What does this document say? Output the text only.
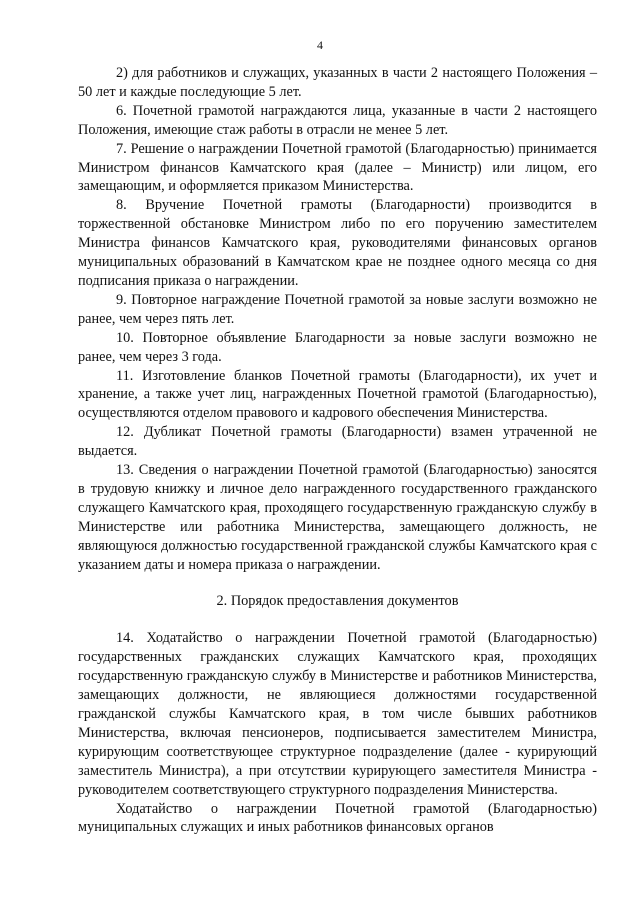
4

2) для работников и служащих, указанных в части 2 настоящего Положения – 50 лет и каждые последующие 5 лет.

6. Почетной грамотой награждаются лица, указанные в части 2 настоящего Положения, имеющие стаж работы в отрасли не менее 5 лет.

7. Решение о награждении Почетной грамотой (Благодарностью) принимается Министром финансов Камчатского края (далее – Министр) или лицом, его замещающим, и оформляется приказом Министерства.

8. Вручение Почетной грамоты (Благодарности) производится в торжественной обстановке Министром либо по его поручению заместителем Министра финансов Камчатского края, руководителями финансовых органов муниципальных образований в Камчатском крае не позднее одного месяца со дня подписания приказа о награждении.

9. Повторное награждение Почетной грамотой за новые заслуги возможно не ранее, чем через пять лет.

10. Повторное объявление Благодарности за новые заслуги возможно не ранее, чем через 3 года.

11. Изготовление бланков Почетной грамоты (Благодарности), их учет и хранение, а также учет лиц, награжденных Почетной грамотой (Благодарностью), осуществляются отделом правового и кадрового обеспечения Министерства.

12. Дубликат Почетной грамоты (Благодарности) взамен утраченной не выдается.

13. Сведения о награждении Почетной грамотой (Благодарностью) заносятся в трудовую книжку и личное дело награжденного государственного гражданского служащего Камчатского края, проходящего государственную гражданскую службу в Министерстве или работника Министерства, замещающего должность, не являющуюся должностью государственной гражданской службы Камчатского края с указанием даты и номера приказа о награждении.

2. Порядок предоставления документов

14. Ходатайство о награждении Почетной грамотой (Благодарностью) государственных гражданских служащих Камчатского края, проходящих государственную гражданскую службу в Министерстве и работников Министерства, замещающих должности, не являющиеся должностями государственной гражданской службы Камчатского края, в том числе бывших работников Министерства, включая пенсионеров, подписывается заместителем Министра, курирующим соответствующее структурное подразделение (далее - курирующий заместитель Министра), а при отсутствии курирующего заместителя Министра - руководителем соответствующего структурного подразделения Министерства.

Ходатайство о награждении Почетной грамотой (Благодарностью) муниципальных служащих и иных работников финансовых органов
